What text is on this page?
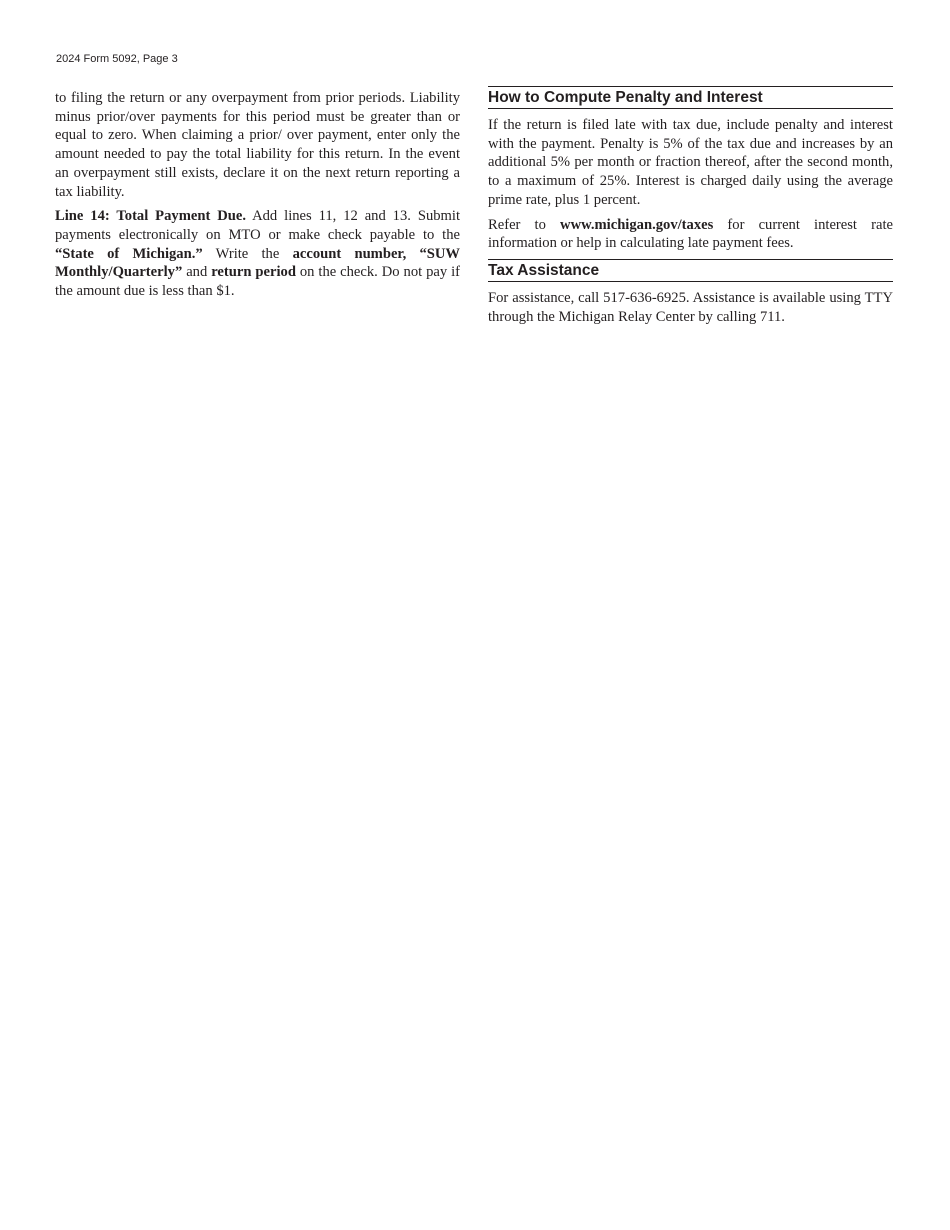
2024 Form 5092, Page 3

to filing the return or any overpayment from prior periods. Liability minus prior/over payments for this period must be greater than or equal to zero. When claiming a prior/ over payment, enter only the amount needed to pay the total liability for this return. In the event an overpayment still exists, declare it on the next return reporting a tax liability.

Line 14: Total Payment Due. Add lines 11, 12 and 13. Submit payments electronically on MTO or make check payable to the “State of Michigan.” Write the account number, “SUW Monthly/Quarterly” and return period on the check. Do not pay if the amount due is less than $1.

How to Compute Penalty and Interest

If the return is filed late with tax due, include penalty and interest with the payment. Penalty is 5% of the tax due and increases by an additional 5% per month or fraction thereof, after the second month, to a maximum of 25%. Interest is charged daily using the average prime rate, plus 1 percent.

Refer to www.michigan.gov/taxes for current interest rate information or help in calculating late payment fees.

Tax Assistance

For assistance, call 517-636-6925. Assistance is available using TTY through the Michigan Relay Center by calling 711.
